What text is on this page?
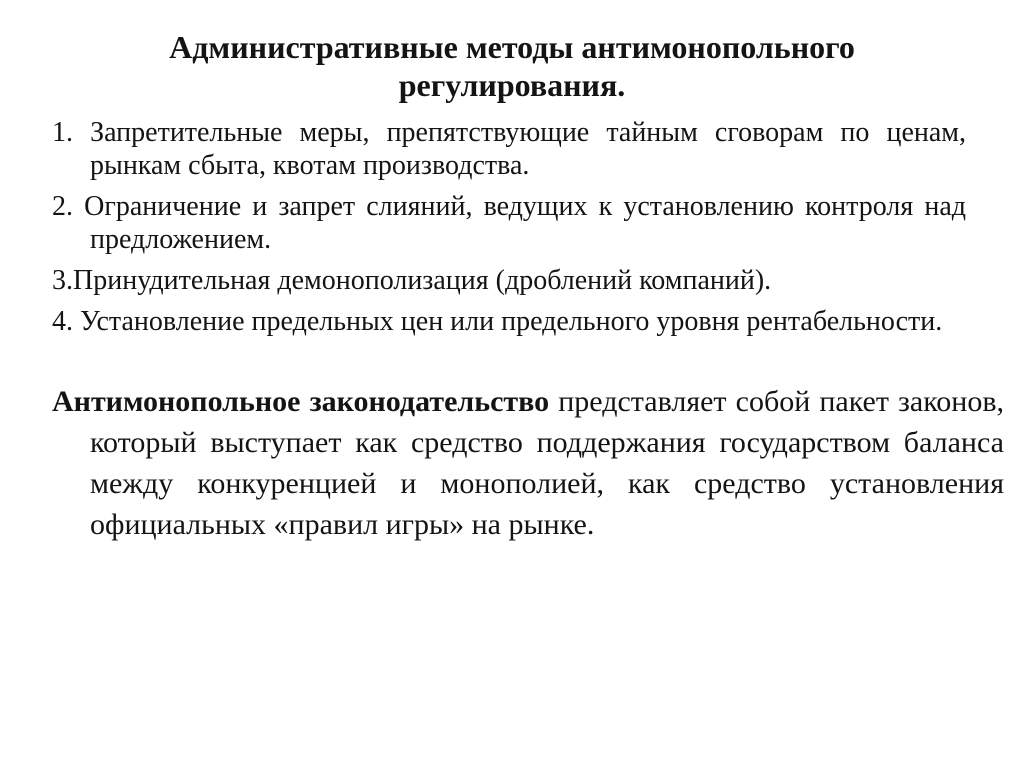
Административные методы антимонопольного регулирования.
1. Запретительные меры, препятствующие тайным сговорам по ценам, рынкам сбыта, квотам производства.
2. Ограничение и запрет слияний, ведущих к установлению контроля над предложением.
3.Принудительная демонополизация (дроблений компаний).
4. Установление предельных цен или предельного уровня рентабельности.

Антимонопольное законодательство представляет собой пакет законов, который выступает как средство поддержания государством баланса между конкуренцией и монополией, как средство установления официальных «правил игры» на рынке.
